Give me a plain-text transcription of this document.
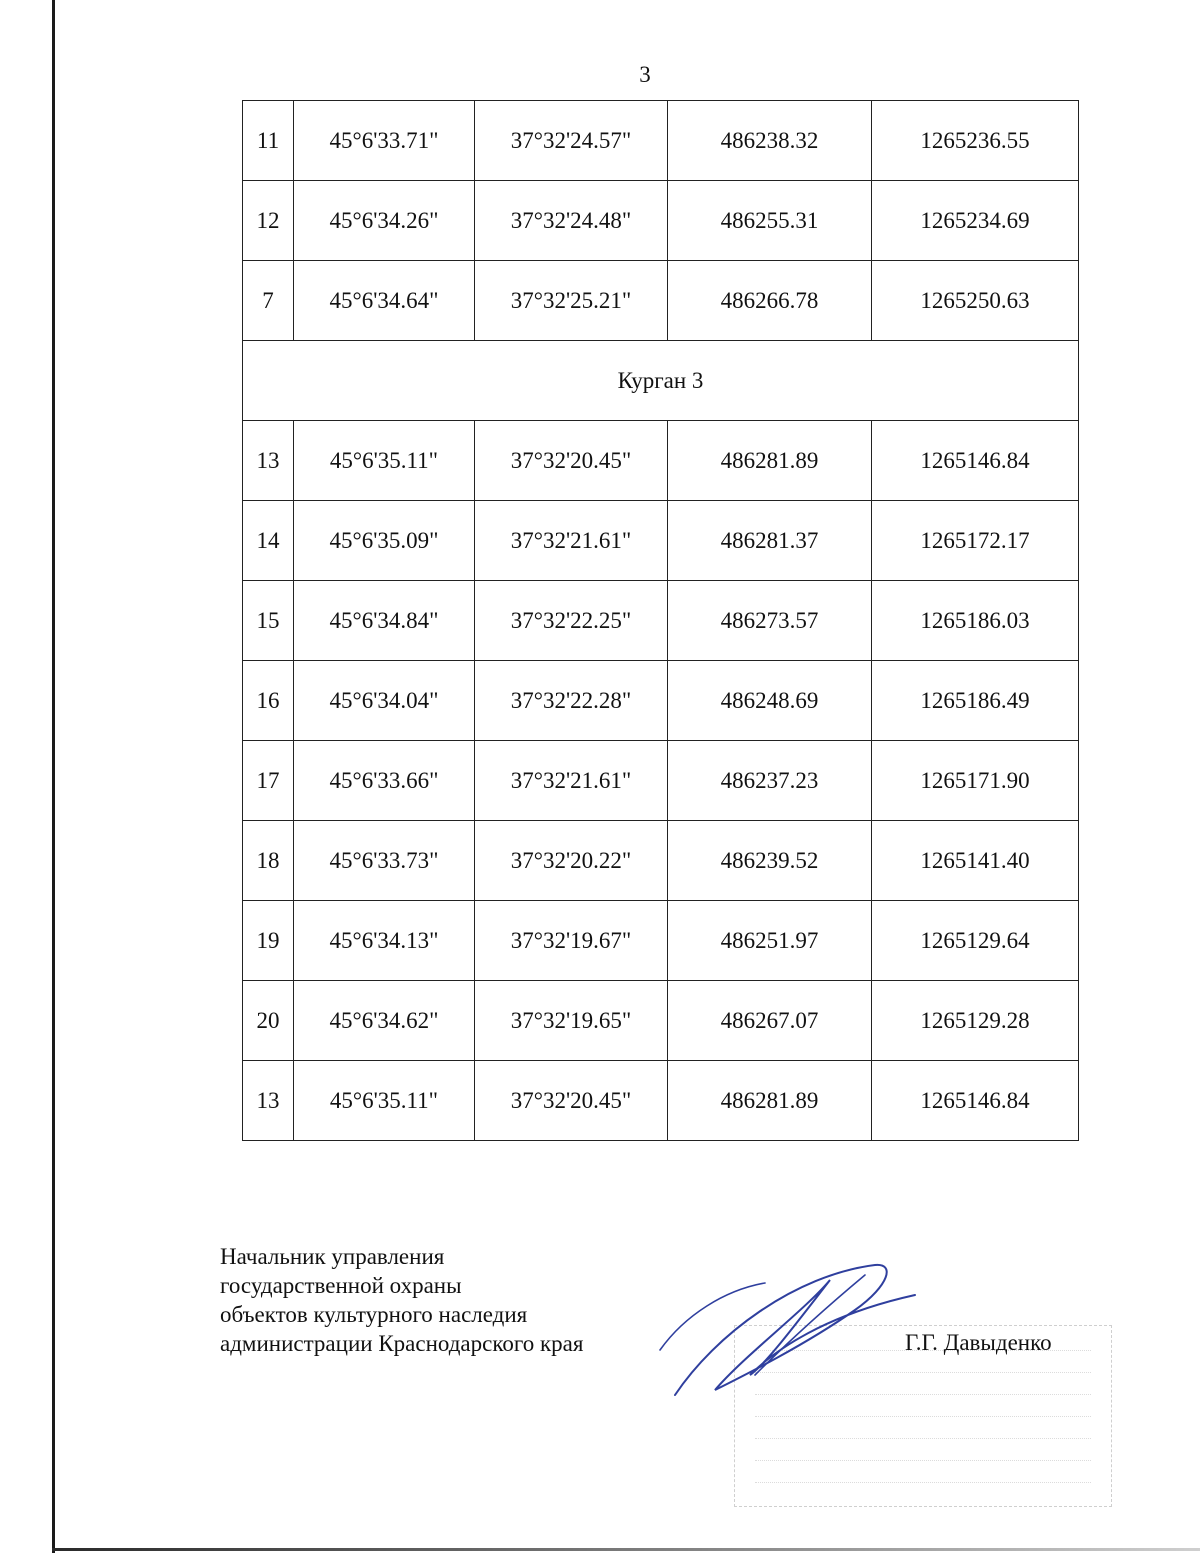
3
11	45°6'33.71"	37°32'24.57"	486238.32	1265236.55
12	45°6'34.26"	37°32'24.48"	486255.31	1265234.69
7	45°6'34.64"	37°32'25.21"	486266.78	1265250.63
Курган 3				
13	45°6'35.11"	37°32'20.45"	486281.89	1265146.84
14	45°6'35.09"	37°32'21.61"	486281.37	1265172.17
15	45°6'34.84"	37°32'22.25"	486273.57	1265186.03
16	45°6'34.04"	37°32'22.28"	486248.69	1265186.49
17	45°6'33.66"	37°32'21.61"	486237.23	1265171.90
18	45°6'33.73"	37°32'20.22"	486239.52	1265141.40
19	45°6'34.13"	37°32'19.67"	486251.97	1265129.64
20	45°6'34.62"	37°32'19.65"	486267.07	1265129.28
13	45°6'35.11"	37°32'20.45"	486281.89	1265146.84
Начальник управления
государственной охраны
объектов культурного наследия
администрации Краснодарского края	Г.Г. Давыденко
